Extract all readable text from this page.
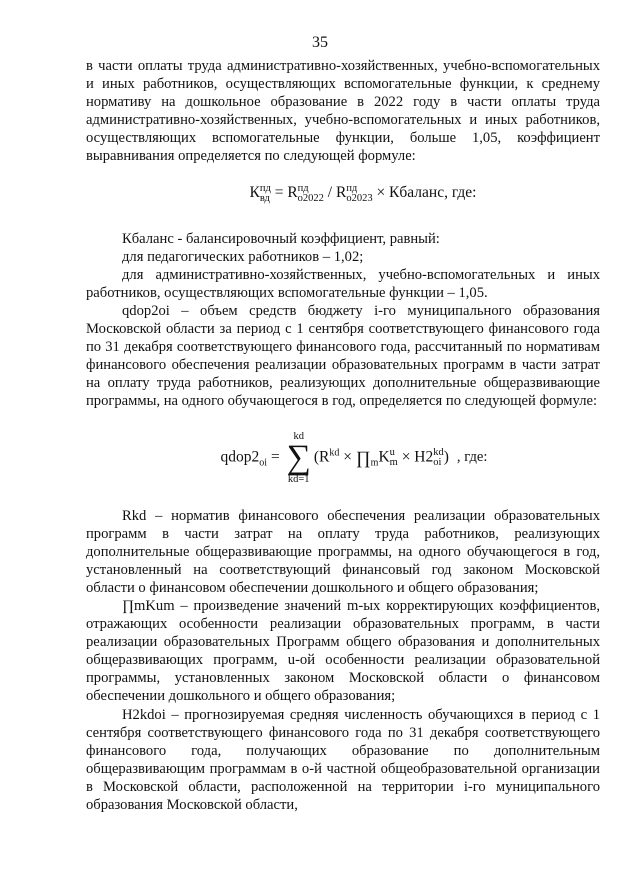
35

в части оплаты труда административно-хозяйственных, учебно-вспомогательных и иных работников, осуществляющих вспомогательные функции, к среднему нормативу на дошкольное образование в 2022 году в части оплаты труда административно-хозяйственных, учебно-вспомогательных и иных работников, осуществляющих вспомогательные функции, больше 1,05, коэффициент выравнивания определяется по следующей формуле:

К пд
вд = R пд
о2022 / R пд
о2023 × Кбаланс, где:

Кбаланс - балансировочный коэффициент, равный:

для педагогических работников – 1,02;

для административно-хозяйственных, учебно-вспомогательных и иных работников, осуществляющих вспомогательные функции – 1,05.

qdop2oi – объем средств бюджету i-го муниципального образования Московской области за период с 1 сентября соответствующего финансового года по 31 декабря соответствующего финансового года, рассчитанный по нормативам финансового обеспечения реализации образовательных программ в части затрат на оплату труда работников, реализующих дополнительные общеразвивающие программы, на одного обучающегося в год, определяется по следующей формуле:

$qdop2_{oi}$ =
kd
∑
kd=1
($R^{kd}$ × $\prod_mK$ u
m × H2 kd
oi ) , где:

Rkd – норматив финансового обеспечения реализации образовательных программ в части затрат на оплату труда работников, реализующих дополнительные общеразвивающие программы, на одного обучающегося в год, установленный на соответствующий финансовый год законом Московской области о финансовом обеспечении дошкольного и общего образования;

∏mKum – произведение значений m-ых корректирующих коэффициентов, отражающих особенности реализации образовательных программ, в части реализации образовательных Программ общего образования и дополнительных общеразвивающих программ, u-ой особенности реализации образовательной программы, установленных законом Московской области о финансовом обеспечении дошкольного и общего образования;

H2kdoi – прогнозируемая средняя численность обучающихся в период с 1 сентября соответствующего финансового года по 31 декабря соответствующего финансового года, получающих образование по дополнительным общеразвивающим программам в о-й частной общеобразовательной организации в Московской области, расположенной на территории i-го муниципального образования Московской области,
